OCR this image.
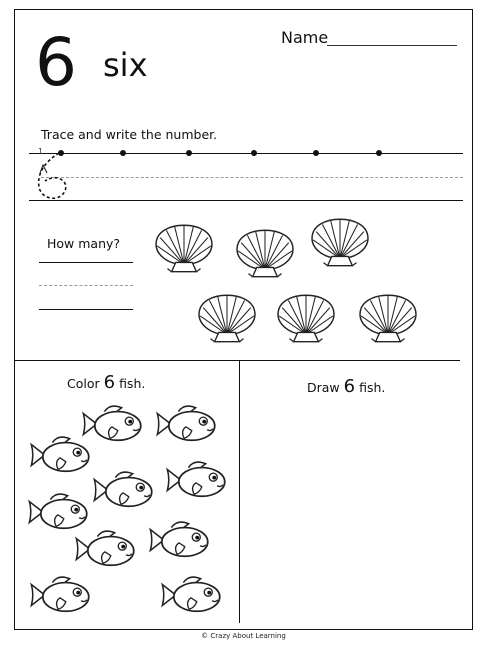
6 six
Name
Trace and write the number.
1
How many?
Color 6 fish.	Draw 6 fish.
© Crazy About Learning
